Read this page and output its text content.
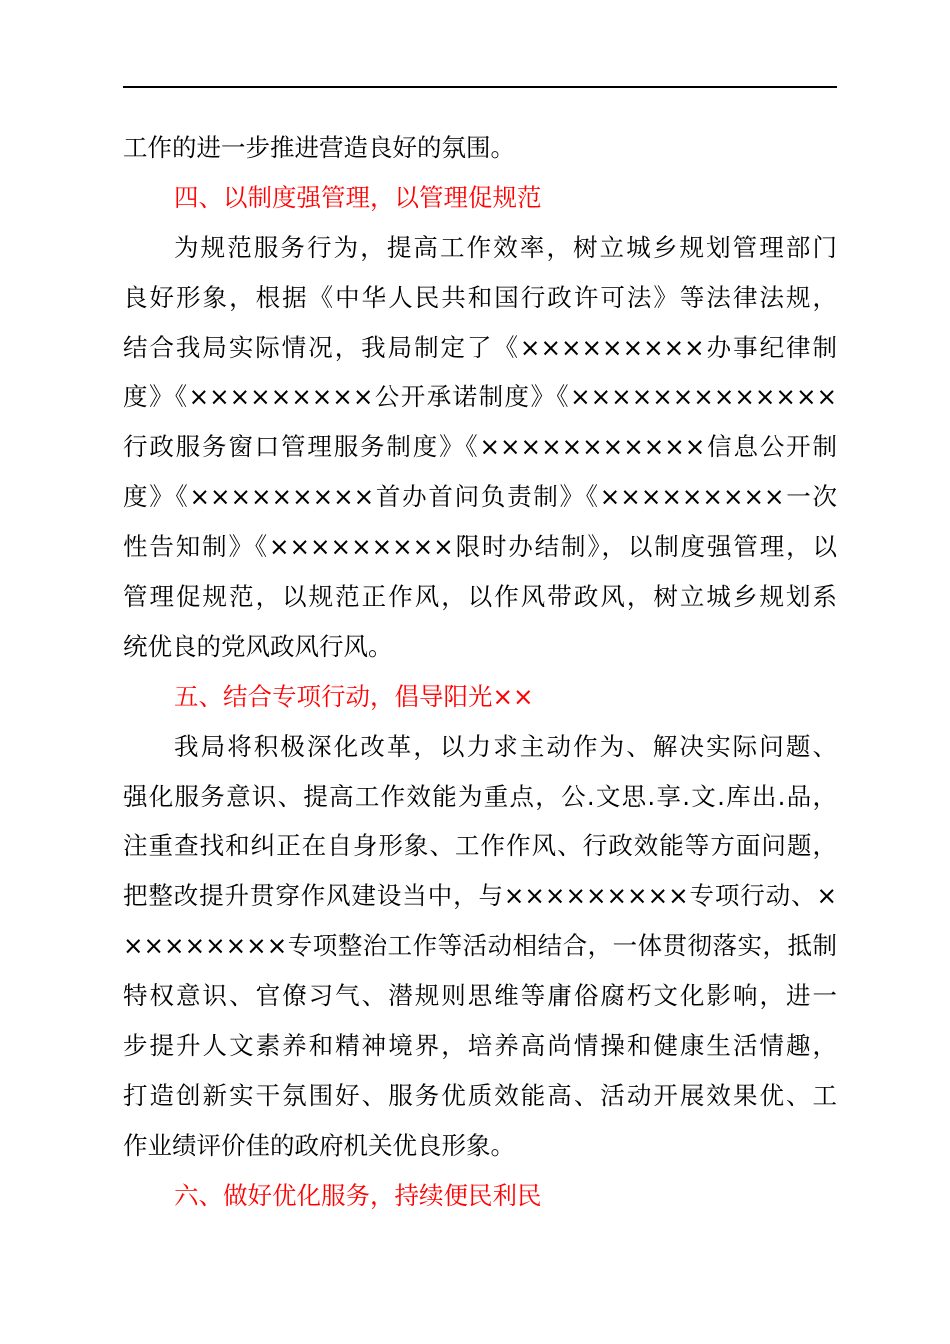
工作的进一步推进营造良好的氛围。
四、以制度强管理，以管理促规范
为规范服务行为，提高工作效率，树立城乡规划管理部门
良好形象，根据《中华人民共和国行政许可法》等法律法规，
结合我局实际情况，我局制定了《×××××××××办事纪律制
度》《×××××××××公开承诺制度》《×××××××××××××
行政服务窗口管理服务制度》《×××××××××××信息公开制
度》《×××××××××首办首问负责制》《×××××××××一次
性告知制》《×××××××××限时办结制》，以制度强管理，以
管理促规范，以规范正作风，以作风带政风，树立城乡规划系
统优良的党风政风行风。
五、结合专项行动，倡导阳光××
我局将积极深化改革，以力求主动作为、解决实际问题、
强化服务意识、提高工作效能为重点，公.文思.享.文.库出.品，
注重查找和纠正在自身形象、工作作风、行政效能等方面问题，
把整改提升贯穿作风建设当中，与×××××××××专项行动、×
××××××××专项整治工作等活动相结合，一体贯彻落实，抵制
特权意识、官僚习气、潜规则思维等庸俗腐朽文化影响，进一
步提升人文素养和精神境界，培养高尚情操和健康生活情趣，
打造创新实干氛围好、服务优质效能高、活动开展效果优、工
作业绩评价佳的政府机关优良形象。
六、做好优化服务，持续便民利民
